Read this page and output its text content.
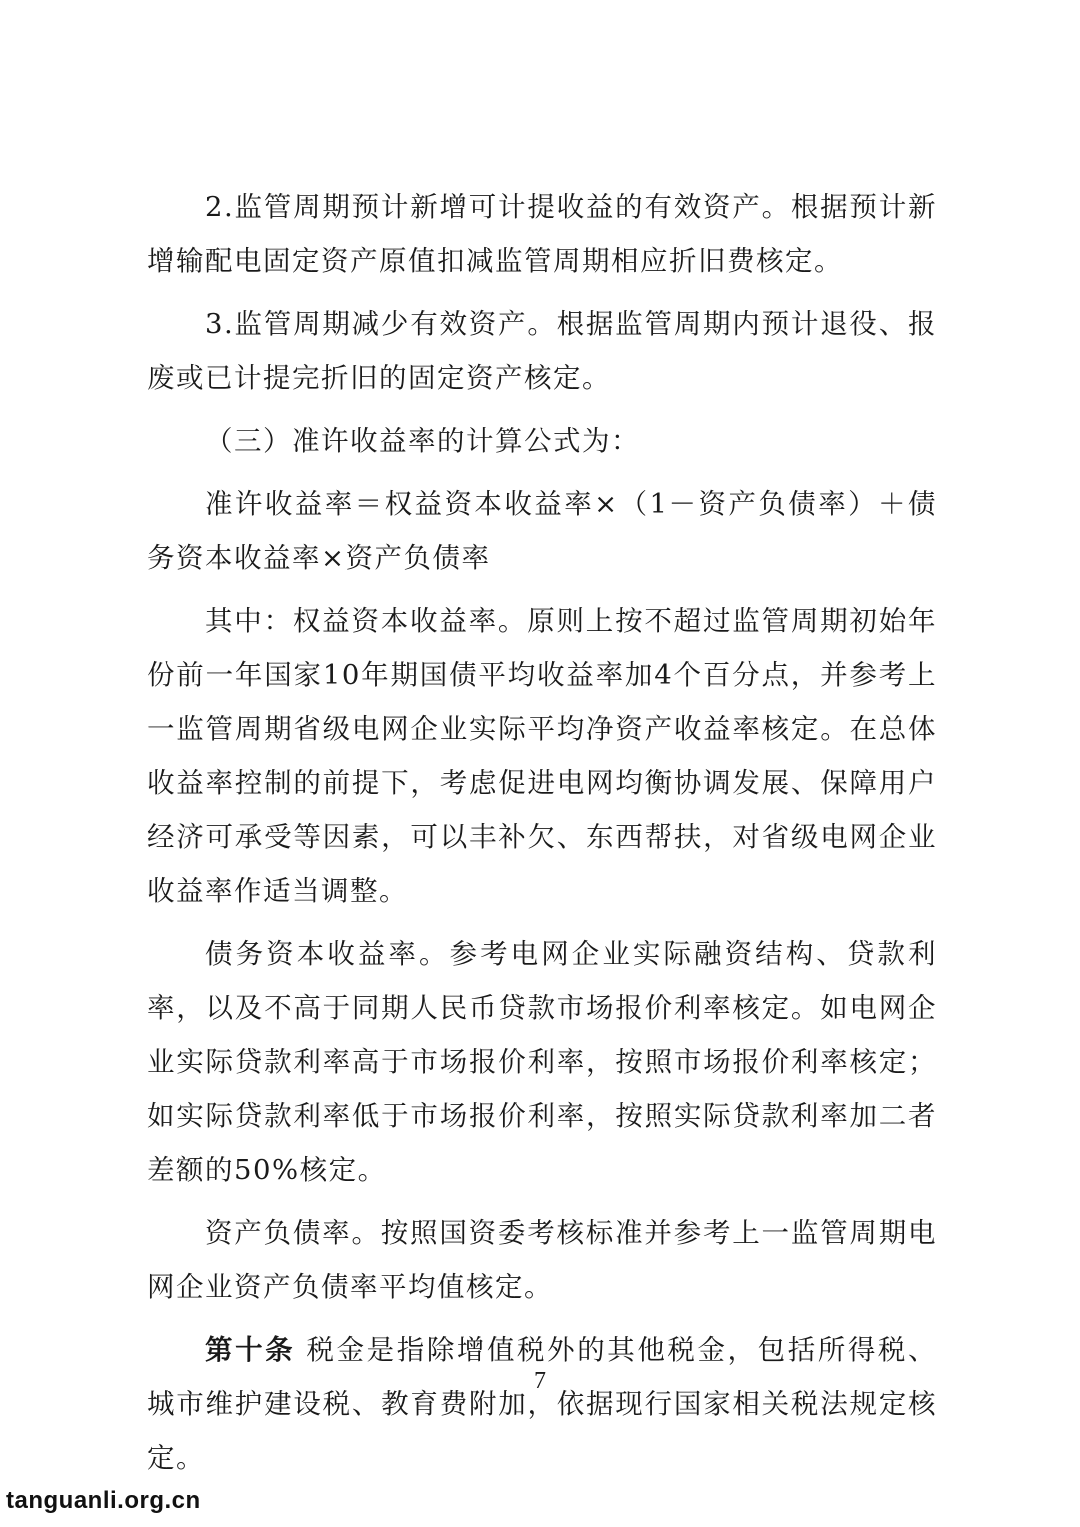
2.监管周期预计新增可计提收益的有效资产。根据预计新增输配电固定资产原值扣减监管周期相应折旧费核定。

3.监管周期减少有效资产。根据监管周期内预计退役、报废或已计提完折旧的固定资产核定。

（三）准许收益率的计算公式为：

准许收益率＝权益资本收益率×（1－资产负债率）＋债务资本收益率×资产负债率

其中：权益资本收益率。原则上按不超过监管周期初始年份前一年国家10年期国债平均收益率加4个百分点，并参考上一监管周期省级电网企业实际平均净资产收益率核定。在总体收益率控制的前提下，考虑促进电网均衡协调发展、保障用户经济可承受等因素，可以丰补欠、东西帮扶，对省级电网企业收益率作适当调整。

债务资本收益率。参考电网企业实际融资结构、贷款利率，以及不高于同期人民币贷款市场报价利率核定。如电网企业实际贷款利率高于市场报价利率，按照市场报价利率核定；如实际贷款利率低于市场报价利率，按照实际贷款利率加二者差额的50%核定。

资产负债率。按照国资委考核标准并参考上一监管周期电网企业资产负债率平均值核定。

第十条 税金是指除增值税外的其他税金，包括所得税、城市维护建设税、教育费附加，依据现行国家相关税法规定核定。

7
tanguanli.org.cn
